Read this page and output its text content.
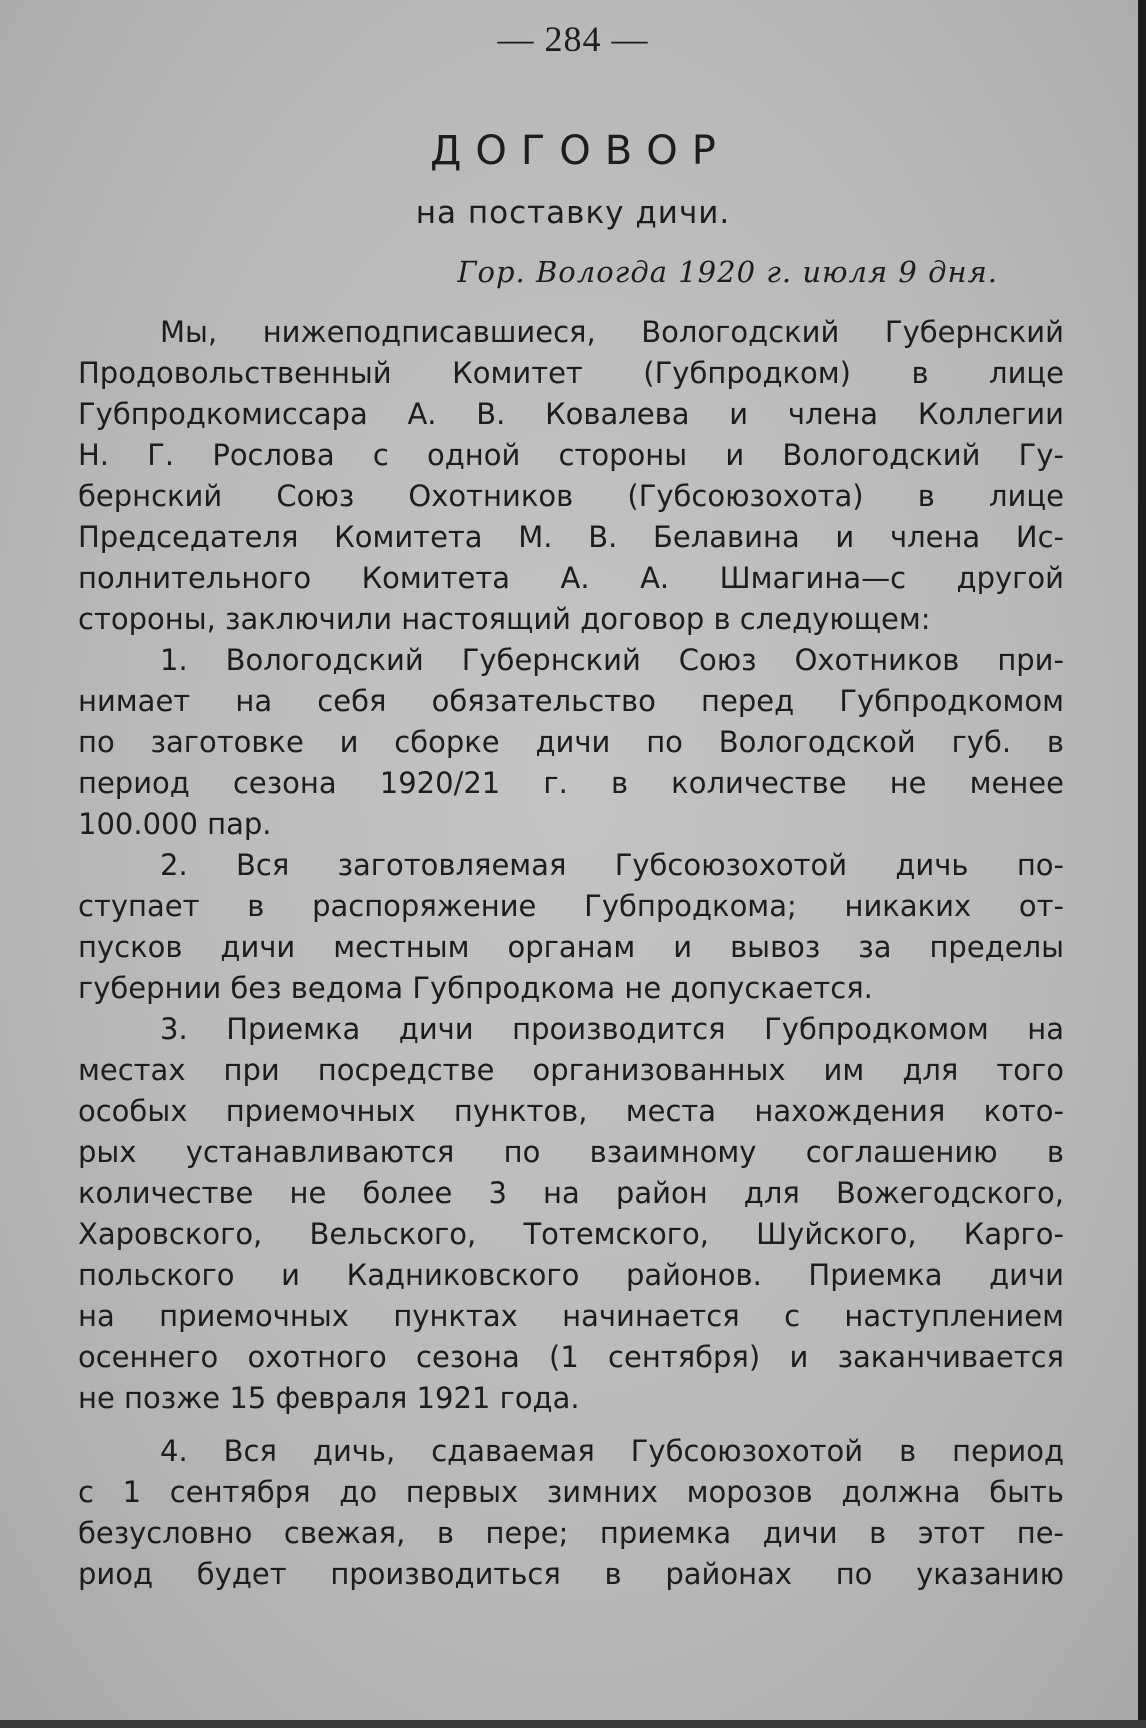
— 284 —
ДОГОВОР
на поставку дичи.
Гор. Вологда 1920 г. июля 9 дня.

Мы, нижеподписавшиеся, Вологодский Губернский
Продовольственный Комитет (Губпродком) в лице
Губпродкомиссара А. В. Ковалева и члена Коллегии
Н. Г. Рослова с одной стороны и Вологодский Гу-
бернский Союз Охотников (Губсоюзохота) в лице
Председателя Комитета М. В. Белавина и члена Ис-
полнительного Комитета А. А. Шмагина—с другой
стороны, заключили настоящий договор в следующем:

1. Вологодский Губернский Союз Охотников при-
нимает на себя обязательство перед Губпродкомом
по заготовке и сборке дичи по Вологодской губ. в
период сезона 1920/21 г. в количестве не менее
100.000 пар.

2. Вся заготовляемая Губсоюзохотой дичь по-
ступает в распоряжение Губпродкома; никаких от-
пусков дичи местным органам и вывоз за пределы
губернии без ведома Губпродкома не допускается.

3. Приемка дичи производится Губпродкомом на
местах при посредстве организованных им для того
особых приемочных пунктов, места нахождения кото-
рых устанавливаются по взаимному соглашению в
количестве не более 3 на район для Вожегодского,
Харовского, Вельского, Тотемского, Шуйского, Карго-
польского и Кадниковского районов. Приемка дичи
на приемочных пунктах начинается с наступлением
осеннего охотного сезона (1 сентября) и заканчивается
не позже 15 февраля 1921 года.

4. Вся дичь, сдаваемая Губсоюзохотой в период
с 1 сентября до первых зимних морозов должна быть
безусловно свежая, в пере; приемка дичи в этот пе-
риод будет производиться в районах по указанию
